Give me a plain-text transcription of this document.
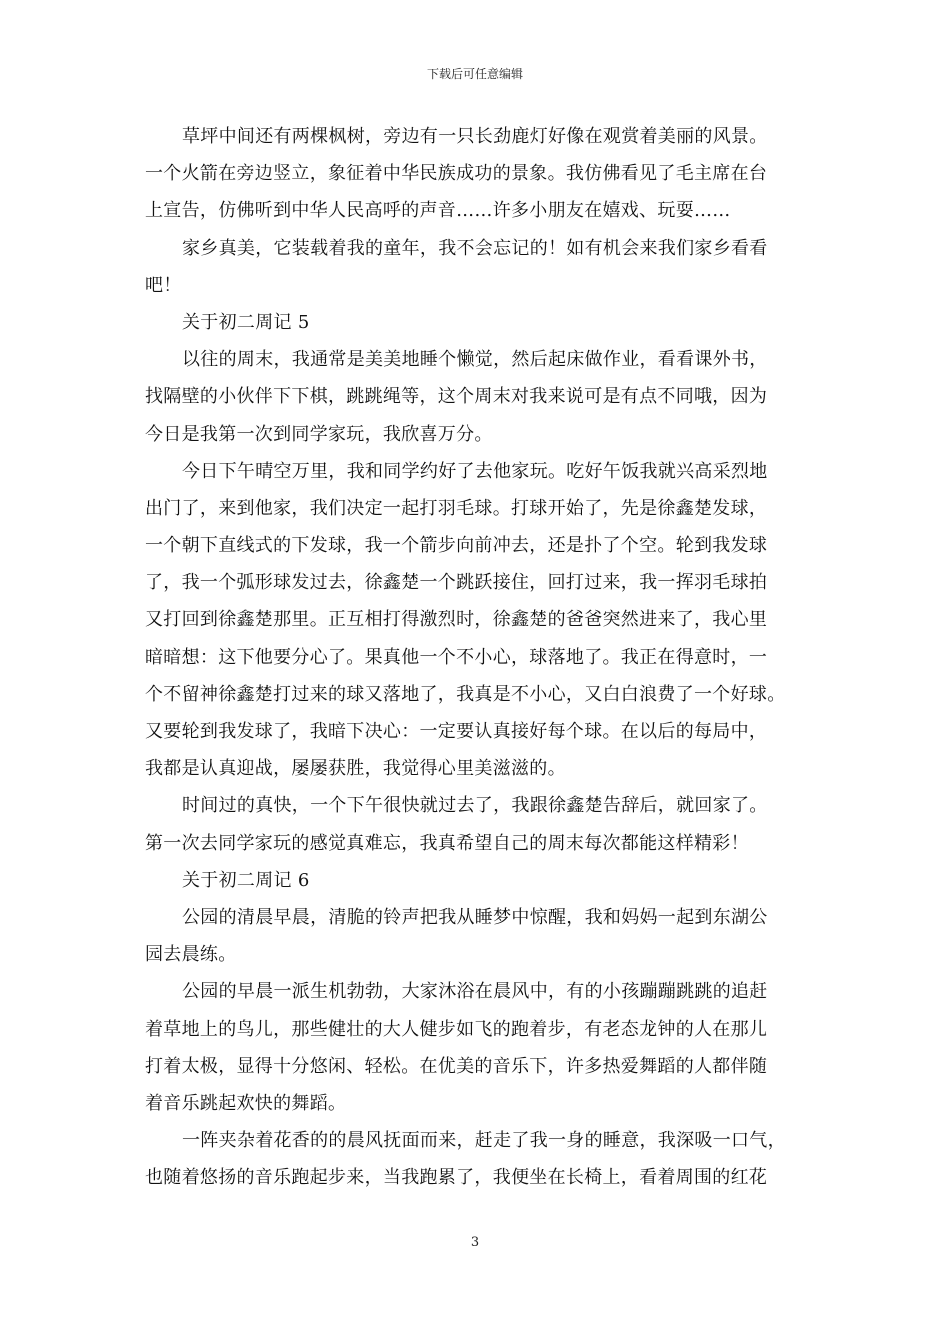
下载后可任意编辑
草坪中间还有两棵枫树，旁边有一只长劲鹿灯好像在观赏着美丽的风景。
一个火箭在旁边竖立，象征着中华民族成功的景象。我仿佛看见了毛主席在台
上宣告，仿佛听到中华人民高呼的声音……许多小朋友在嬉戏、玩耍……
家乡真美，它装载着我的童年，我不会忘记的！如有机会来我们家乡看看
吧！
关于初二周记 5
以往的周末，我通常是美美地睡个懒觉，然后起床做作业，看看课外书，
找隔壁的小伙伴下下棋，跳跳绳等，这个周末对我来说可是有点不同哦，因为
今日是我第一次到同学家玩，我欣喜万分。
今日下午晴空万里，我和同学约好了去他家玩。吃好午饭我就兴高采烈地
出门了，来到他家，我们决定一起打羽毛球。打球开始了，先是徐鑫楚发球，
一个朝下直线式的下发球，我一个箭步向前冲去，还是扑了个空。轮到我发球
了，我一个弧形球发过去，徐鑫楚一个跳跃接住，回打过来，我一挥羽毛球拍
又打回到徐鑫楚那里。正互相打得激烈时，徐鑫楚的爸爸突然进来了，我心里
暗暗想：这下他要分心了。果真他一个不小心，球落地了。我正在得意时，一
个不留神徐鑫楚打过来的球又落地了，我真是不小心，又白白浪费了一个好球。
又要轮到我发球了，我暗下决心：一定要认真接好每个球。在以后的每局中，
我都是认真迎战，屡屡获胜，我觉得心里美滋滋的。
时间过的真快，一个下午很快就过去了，我跟徐鑫楚告辞后，就回家了。
第一次去同学家玩的感觉真难忘，我真希望自己的周末每次都能这样精彩！
关于初二周记 6
公园的清晨早晨，清脆的铃声把我从睡梦中惊醒，我和妈妈一起到东湖公
园去晨练。
公园的早晨一派生机勃勃，大家沐浴在晨风中，有的小孩蹦蹦跳跳的追赶
着草地上的鸟儿，那些健壮的大人健步如飞的跑着步，有老态龙钟的人在那儿
打着太极，显得十分悠闲、轻松。在优美的音乐下，许多热爱舞蹈的人都伴随
着音乐跳起欢快的舞蹈。
一阵夹杂着花香的的晨风抚面而来，赶走了我一身的睡意，我深吸一口气，
也随着悠扬的音乐跑起步来，当我跑累了，我便坐在长椅上，看着周围的红花
3
